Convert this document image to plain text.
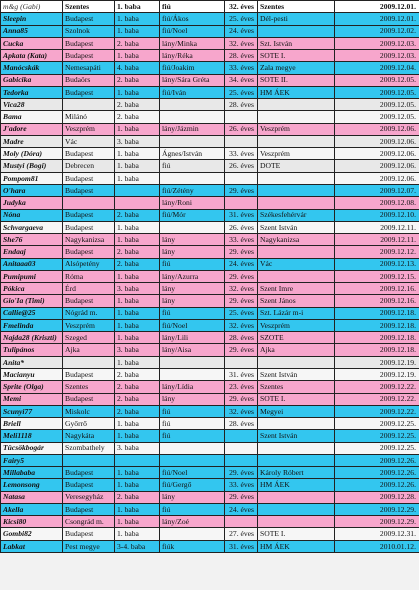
m&g (Gabi)	Szentes	1. baba	fiú	32. éves	Szentes	2009.12.01.
Sleepin	Budapest	1. baba	fiú/Ákos	25. éves	Dél-pesti	2009.12.01.
Anna85	Szolnok	1. baba	fiú/Noel	24. éves		2009.12.02.
Cucka	Budapest	2. baba	lány/Minka	32. éves	Szt. István	2009.12.03.
Apkata (Kata)	Budapest	1. baba	lány/Réka	28. éves	SOTE I.	2009.12.03.
Manócskák	Nemesapáti	4. baba	fiú/Joakim	33. éves	Zala megye	2009.12.04.
Gabicika	Budaörs	2. baba	lány/Sára Gréta	34. éves	SOTE II.	2009.12.05.
Tedorka	Budapest	1. baba	fiú/Iván	25. éves	HM ÁEK	2009.12.05.
Vica28		2. baba		28. éves		2009.12.05.
Bama	Milánó	2. baba				2009.12.05.
J'adore	Veszprém	1. baba	lány/Jázmin	26. éves	Veszprém	2009.12.06.
Madre	Vác	3. baba				2009.12.06.
Moly (Dóra)	Budapest	1. baba	Ágnes/István	33. éves	Veszprém	2009.12.06.
Mustyi (Bogi)	Debrecen	1. baba	fiú	26. éves	DOTE	2009.12.06.
Pompom81	Budapest	1. baba				2009.12.06.
O'hara	Budapest		fiú/Zétény	29. éves		2009.12.07.
Judyka			lány/Roni			2009.12.08.
Nóna	Budapest	2. baba	fiú/Mór	31. éves	Székesfehérvár	2009.12.10.
Schvargaeva	Budapest	1. baba		26. éves	Szent István	2009.12.11.
She76	Nagykanizsa	1. baba	lány	33. éves	Nagykanizsa	2009.12.11.
Endaaj	Budapest	2. baba	lány	29. éves		2009.12.12.
Anitaaa03	Alsópetény	2. baba	fiú	24. éves	Vác	2009.12.13.
Pumipumi	Róma	1. baba	lány/Azurra	29. éves		2009.12.15.
Pókica	Érd	3. baba	lány	32. éves	Szent Imre	2009.12.16.
Gio'Ia (Timi)	Budapest	1. baba	lány	29. éves	Szent János	2009.12.16.
Callie@25	Nógrád m.	1. baba	fiú	25. éves	Szt. Lázár m-i	2009.12.18.
Fmelinda	Veszprém	1. baba	fiú/Noel	32. éves	Veszprém	2009.12.18.
Najda28 (Kriszti)	Szeged	1. baba	lány/Lili	28. éves	SZOTE	2009.12.18.
Tulipános	Ajka	3. baba	lány/Aisa	29. éves	Ajka	2009.12.18.
Anita*		1. baba				2009.12.19.
Macianyu	Budapest	2. baba		31. éves	Szent István	2009.12.19.
Sprite (Olga)	Szentes	2. baba	lány/Lídia	23. éves	Szentes	2009.12.22.
Memi	Budapest	2. baba	lány	29. éves	SOTE I.	2009.12.22.
Scunyi77	Miskolc	2. baba	fiú	32. éves	Megyei	2009.12.22.
Briell	Győrrő	1. baba	fiú	28. éves		2009.12.25.
Meli1118	Nagykáta	1. baba	fiú		Szent István	2009.12.25.
Tücsökbogár	Szombathely	3. baba				2009.12.25.
Fairy5						2009.12.26.
Millababa	Budapest	1. baba	fiú/Noel	29. éves	Károly Róbert	2009.12.26.
Lemonsong	Budapest	1. baba	fiú/Gergő	33. éves	HM ÁEK	2009.12.26.
Natasa	Veresegyház	2. baba	lány	29. éves		2009.12.28.
Akella	Budapest	1. baba	fiú	24. éves		2009.12.29.
Kicsi80	Csongrád m.	1. baba	lány/Zoé			2009.12.29.
Gombi82	Budapest	1. baba		27. éves	SOTE I.	2009.12.31.
Labkat	Pest megye	3-4. baba	fiúk	31. éves	HM ÁEK	2010.01.12.
